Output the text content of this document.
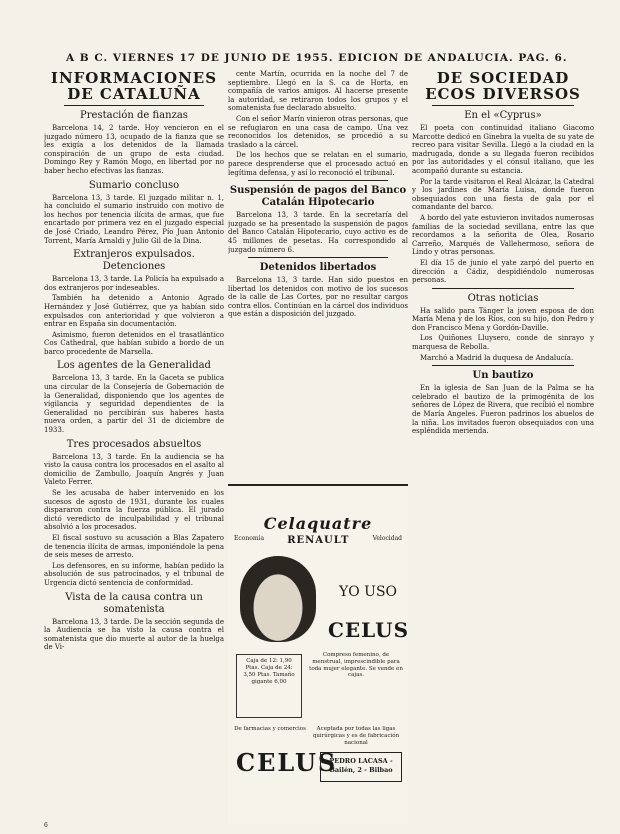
A B C. VIERNES 17 DE JUNIO DE 1955. EDICION DE ANDALUCIA. PAG. 6.
INFORMACIONES DE CATALUÑA
Prestación de fianzas

Barcelona 14, 2 tarde. Hoy vencieron en el juzgado número 13, ocupado de la fianza que se les exigía a los detenidos de la llamada conspiración de un grupo de esta ciudad. Domingo Rey y Ramón Mogo, en libertad por no haber hecho efectivas las fianzas.

Sumario concluso

Barcelona 13, 3 tarde. El juzgado militar n. 1, ha concluido el sumario instruido con motivo de los hechos por tenencia ilícita de armas, que fue encartado por primera vez en el juzgado especial de José Criado, Leandro Pérez, Pío Juan Antonio Torrent, María Arnaldi y Julio Gil de la Dina.

Extranjeros expulsados. Detenciones

Barcelona 13, 3 tarde. La Policía ha expulsado a dos extranjeros por indeseables.

También ha detenido a Antonio Agrado Hernández y José Gutiérrez, que ya habían sido expulsados con anterioridad y que volvieron a entrar en España sin documentación.

Asimismo, fueron detenidos en el trasatlántico Cos Cathedral, que habían subido a bordo de un barco procedente de Marsella.

Los agentes de la Generalidad

Barcelona 13, 3 tarde. En la Gaceta se publica una circular de la Consejería de Gobernación de la Generalidad, disponiendo que los agentes de vigilancia y seguridad dependientes de la Generalidad no percibirán sus haberes hasta nueva orden, a partir del 31 de diciembre de 1933.

Tres procesados absueltos

Barcelona 13, 3 tarde. En la audiencia se ha visto la causa contra los procesados en el asalto al domicilio de Zambullo, Joaquín Angrés y Juan Valeto Ferrer.

Se les acusaba de haber intervenido en los sucesos de agosto de 1931, durante los cuales dispararon contra la fuerza pública. El jurado dictó veredicto de inculpabilidad y el tribunal absolvió a los procesados.

El fiscal sostuvo su acusación a Blas Zapatero de tenencia ilícita de armas, imponiéndole la pena de seis meses de arresto.

Los defensores, en su informe, habían pedido la absolución de sus patrocinados, y el tribunal de Urgencia dictó sentencia de conformidad.

Vista de la causa contra un somatenista

Barcelona 13, 3 tarde. De la sección segunda de la Audiencia se ha visto la causa contra el somatenista que dio muerte al autor de la huelga de Vi-

cente Martín, ocurrida en la noche del 7 de septiembre. Llegó en la S. ca de Horta, en compañía de varios amigos. Al hacerse presente la autoridad, se retiraron todos los grupos y el somatenista fue declarado absuelto.

Con el señor Marín vinieron otras personas, que se refugiaron en una casa de campo. Una vez reconocidos los detenidos, se procedió a su traslado a la cárcel.

De los hechos que se relatan en el sumario, parece desprenderse que el procesado actuó en legítima defensa, y así lo reconoció el tribunal.

Suspensión de pagos del Banco Catalán Hipotecario

Barcelona 13, 3 tarde. En la secretaría del juzgado se ha presentado la suspensión de pagos del Banco Catalán Hipotecario, cuyo activo es de 45 millones de pesetas. Ha correspondido al juzgado número 6.

Detenidos libertados

Barcelona 13, 3 tarde. Han sido puestos en libertad los detenidos con motivo de los sucesos de la calle de Las Cortes, por no resultar cargos contra ellos. Continúan en la cárcel dos individuos que están a disposición del juzgado.

Celaquatre
Economía RENAULT	Velocidad
YO USO
CELUS
Caja de 12: 1,90 Ptas. Caja de 24: 3,50 Ptas. Tamaño gigante 6,00
Compreso femenino, de menstrual, imprescindible para toda mujer elegante. Se vende en cajas.
De farmacias y comercios	Aceptada por todas las ligas quirúrgicas y es de fabricación nacional
CELUS
PEDRO LACASA - Bailén, 2 - Bilbao
DE SOCIEDAD ECOS DIVERSOS
En el «Cyprus»

El poeta con continuidad italiano Giacomo Marcotte dedicó en Ginebra la vuelta de su yate de recreo para visitar Sevilla. Llegó a la ciudad en la madrugada, donde a su llegada fueron recibidos por las autoridades y el cónsul italiano, que les acompañó durante su estancia.

Por la tarde visitaron el Real Alcázar, la Catedral y los jardines de María Luisa, donde fueron obsequiados con una fiesta de gala por el comandante del barco.

A bordo del yate estuvieron invitados numerosas familias de la sociedad sevillana, entre las que recordamos a la señorita de Olea, Rosario Carreño, Marqués de Vallehermoso, señora de Lindo y otras personas.

El día 15 de junio el yate zarpó del puerto en dirección a Cádiz, despidiéndolo numerosas personas.

Otras noticias

Ha salido para Tánger la joven esposa de don María Mena y de los Ríos, con su hijo, don Pedro y don Francisco Mena y Gordón-Daville.

Los Quiñones Lluysero, conde de sinrayo y marquesa de Rebolla.

Marchó a Madrid la duquesa de Andalucía.

Un bautizo

En la iglesia de San Juan de la Palma se ha celebrado el bautizo de la primogénita de los señores de López de Rivera, que recibió el nombre de María Angeles. Fueron padrinos los abuelos de la niña. Los invitados fueron obsequiados con una espléndida merienda.

6
